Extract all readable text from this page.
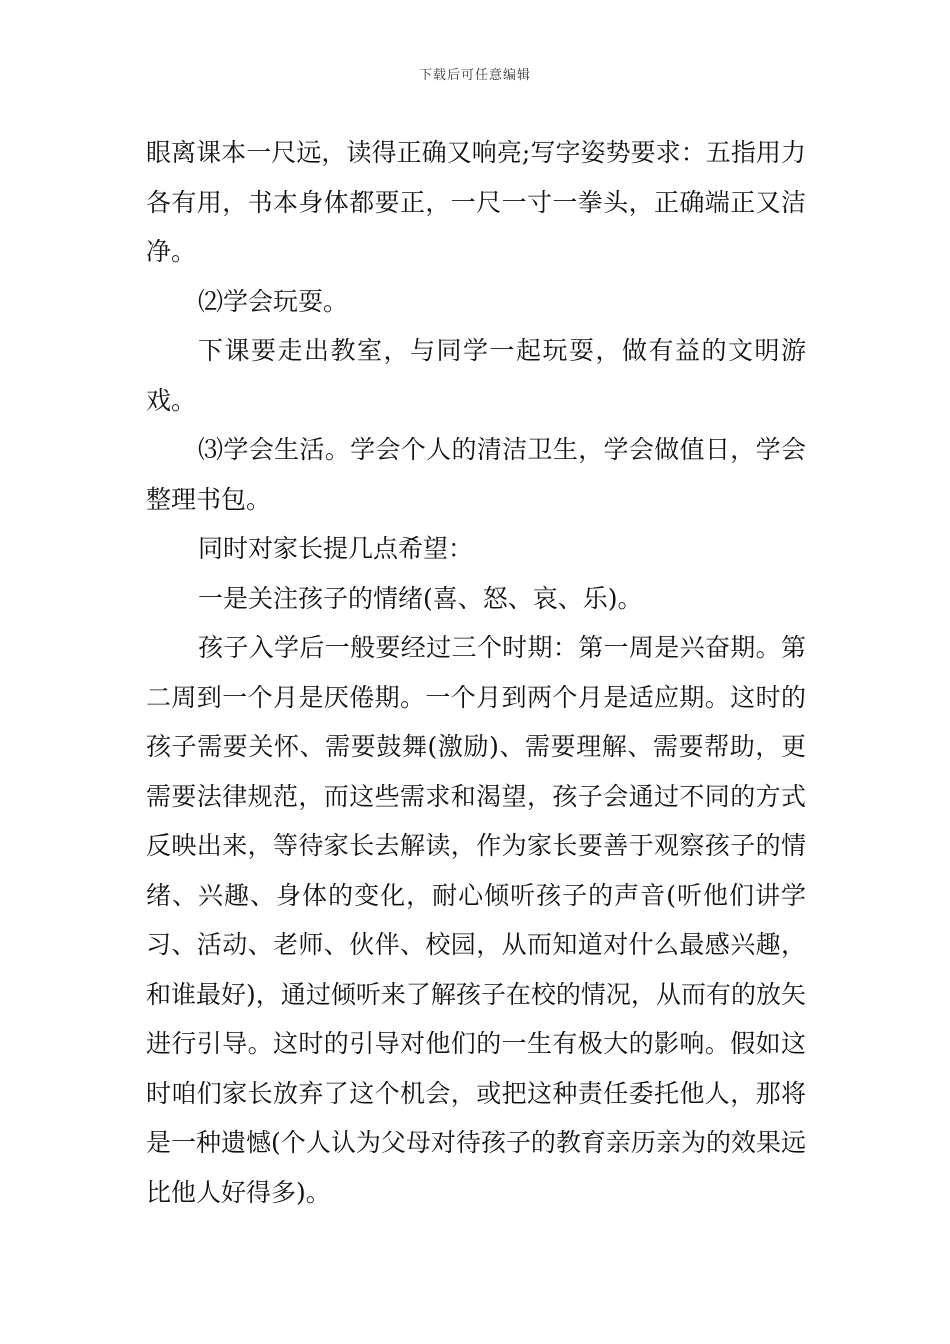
下载后可任意编辑

眼离课本一尺远，读得正确又响亮;写字姿势要求：五指用力各有用，书本身体都要正，一尺一寸一拳头，正确端正又洁净。

⑵学会玩耍。

下课要走出教室，与同学一起玩耍，做有益的文明游戏。

⑶学会生活。学会个人的清洁卫生，学会做值日，学会整理书包。

同时对家长提几点希望：

一是关注孩子的情绪(喜、怒、哀、乐)。

孩子入学后一般要经过三个时期：第一周是兴奋期。第二周到一个月是厌倦期。一个月到两个月是适应期。这时的孩子需要关怀、需要鼓舞(激励)、需要理解、需要帮助，更需要法律规范，而这些需求和渴望，孩子会通过不同的方式反映出来，等待家长去解读，作为家长要善于观察孩子的情绪、兴趣、身体的变化，耐心倾听孩子的声音(听他们讲学习、活动、老师、伙伴、校园，从而知道对什么最感兴趣，和谁最好)，通过倾听来了解孩子在校的情况，从而有的放矢进行引导。这时的引导对他们的一生有极大的影响。假如这时咱们家长放弃了这个机会，或把这种责任委托他人，那将是一种遗憾(个人认为父母对待孩子的教育亲历亲为的效果远比他人好得多)。
